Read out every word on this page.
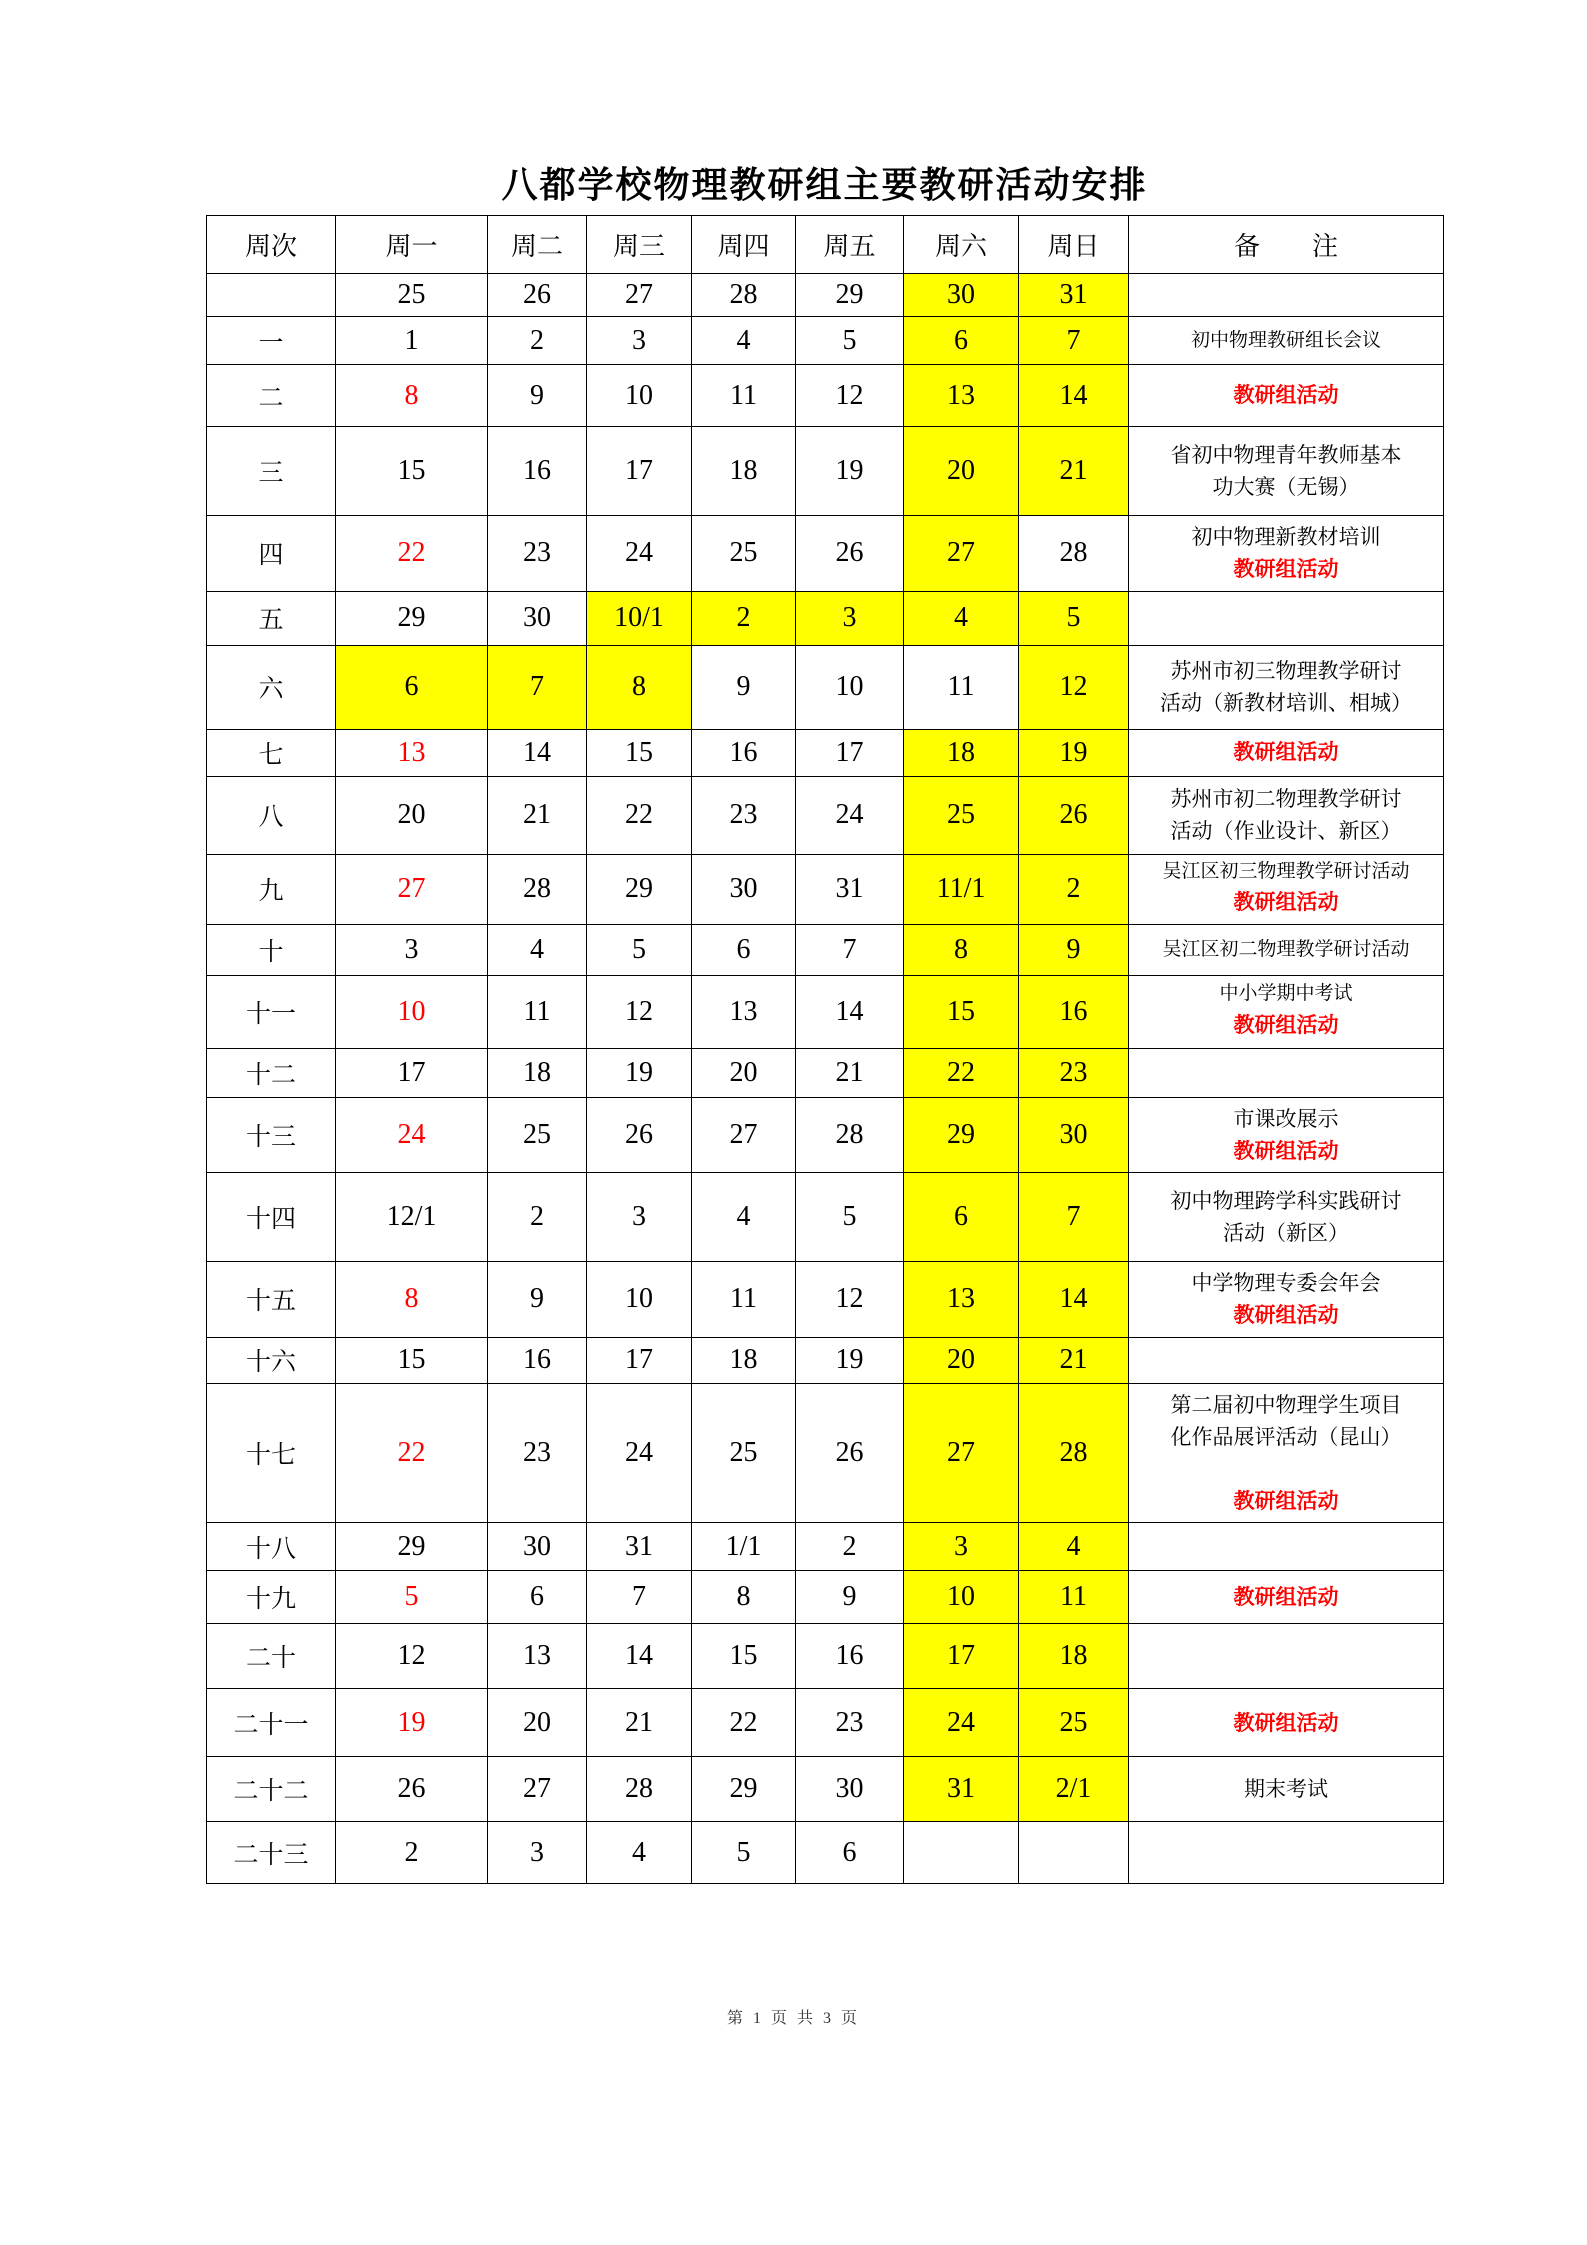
八都学校物理教研组主要教研活动安排
周次	周一	周二	周三	周四	周五	周六	周日	备　　注
	25	26	27	28	29	30	31	
一	1	2	3	4	5	6	7	初中物理教研组长会议

二	8	9	10	11	12	13	14	教研组活动

三	15	16	17	18	19	20	21	省初中物理青年教师基本
功大赛（无锡）

四	22	23	24	25	26	27	28	初中物理新教材培训
教研组活动

五	29	30	10/1	2	3	4	5	
六	6	7	8	9	10	11	12	苏州市初三物理教学研讨
活动（新教材培训、相城）

七	13	14	15	16	17	18	19	教研组活动

八	20	21	22	23	24	25	26	苏州市初二物理教学研讨
活动（作业设计、新区）

九	27	28	29	30	31	11/1	2	吴江区初三物理教学研讨活动
教研组活动

十	3	4	5	6	7	8	9	吴江区初二物理教学研讨活动

十一	10	11	12	13	14	15	16	中小学期中考试
教研组活动

十二	17	18	19	20	21	22	23	
十三	24	25	26	27	28	29	30	市课改展示
教研组活动

十四	12/1	2	3	4	5	6	7	初中物理跨学科实践研讨
活动（新区）

十五	8	9	10	11	12	13	14	中学物理专委会年会
教研组活动

十六	15	16	17	18	19	20	21	
十七	22	23	24	25	26	27	28	第二届初中物理学生项目
化作品展评活动（昆山）
教研组活动

十八	29	30	31	1/1	2	3	4	
十九	5	6	7	8	9	10	11	教研组活动

二十	12	13	14	15	16	17	18	
二十一	19	20	21	22	23	24	25	教研组活动

二十二	26	27	28	29	30	31	2/1	期末考试

二十三	2	3	4	5	6			
第 1 页 共 3 页
